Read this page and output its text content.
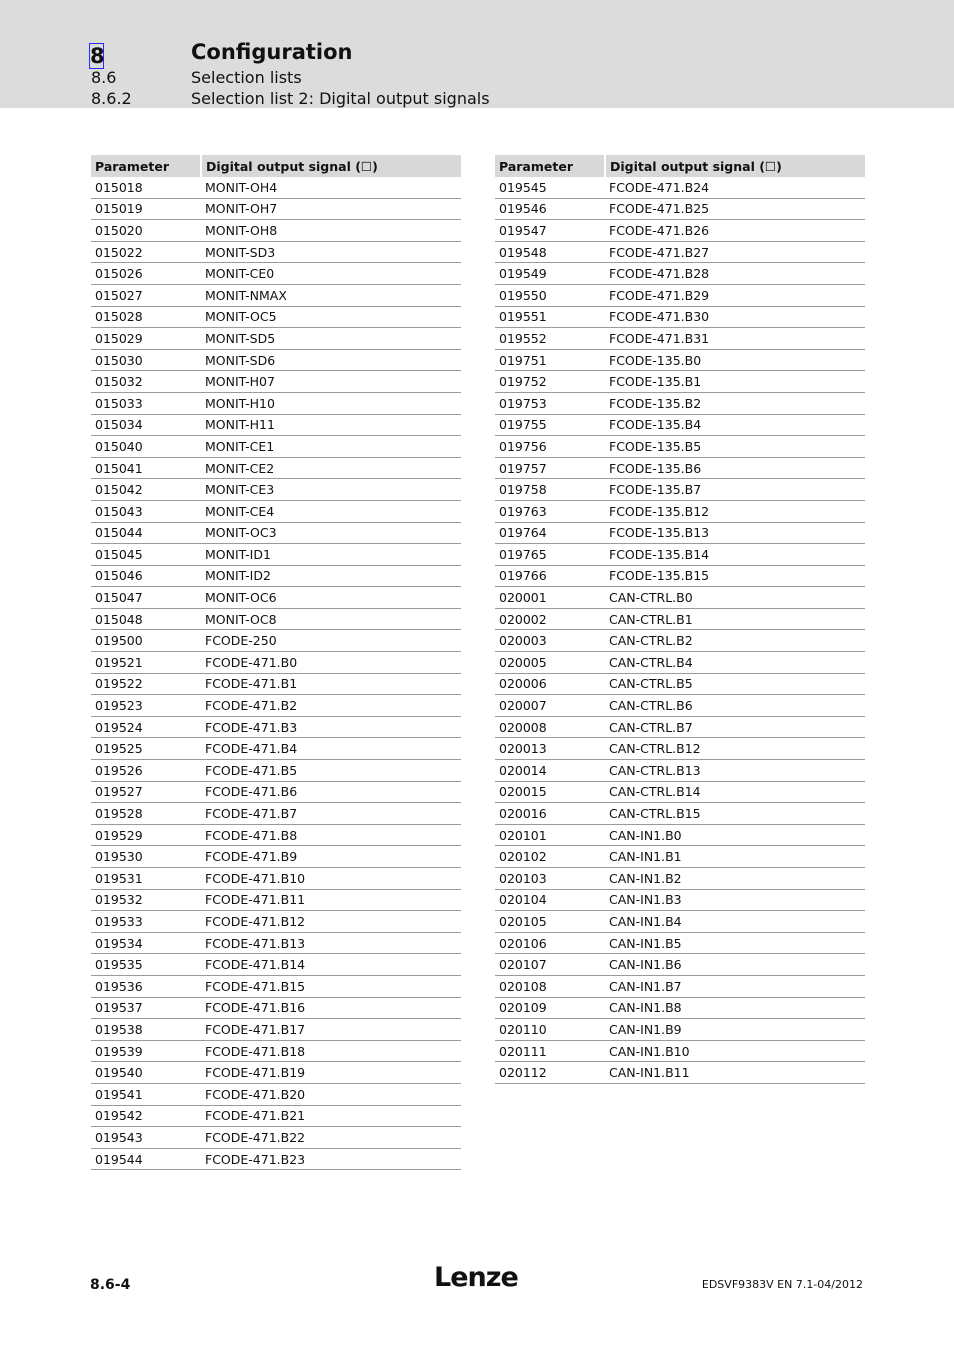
8	Configuration
8.6	Selection lists
8.6.2	Selection list 2: Digital output signals
Parameter	Digital output signal (☐)
015018	MONIT-OH4
015019	MONIT-OH7
015020	MONIT-OH8
015022	MONIT-SD3
015026	MONIT-CE0
015027	MONIT-NMAX
015028	MONIT-OC5
015029	MONIT-SD5
015030	MONIT-SD6
015032	MONIT-H07
015033	MONIT-H10
015034	MONIT-H11
015040	MONIT-CE1
015041	MONIT-CE2
015042	MONIT-CE3
015043	MONIT-CE4
015044	MONIT-OC3
015045	MONIT-ID1
015046	MONIT-ID2
015047	MONIT-OC6
015048	MONIT-OC8
019500	FCODE-250
019521	FCODE-471.B0
019522	FCODE-471.B1
019523	FCODE-471.B2
019524	FCODE-471.B3
019525	FCODE-471.B4
019526	FCODE-471.B5
019527	FCODE-471.B6
019528	FCODE-471.B7
019529	FCODE-471.B8
019530	FCODE-471.B9
019531	FCODE-471.B10
019532	FCODE-471.B11
019533	FCODE-471.B12
019534	FCODE-471.B13
019535	FCODE-471.B14
019536	FCODE-471.B15
019537	FCODE-471.B16
019538	FCODE-471.B17
019539	FCODE-471.B18
019540	FCODE-471.B19
019541	FCODE-471.B20
019542	FCODE-471.B21
019543	FCODE-471.B22
019544	FCODE-471.B23
Parameter	Digital output signal (☐)
019545	FCODE-471.B24
019546	FCODE-471.B25
019547	FCODE-471.B26
019548	FCODE-471.B27
019549	FCODE-471.B28
019550	FCODE-471.B29
019551	FCODE-471.B30
019552	FCODE-471.B31
019751	FCODE-135.B0
019752	FCODE-135.B1
019753	FCODE-135.B2
019755	FCODE-135.B4
019756	FCODE-135.B5
019757	FCODE-135.B6
019758	FCODE-135.B7
019763	FCODE-135.B12
019764	FCODE-135.B13
019765	FCODE-135.B14
019766	FCODE-135.B15
020001	CAN-CTRL.B0
020002	CAN-CTRL.B1
020003	CAN-CTRL.B2
020005	CAN-CTRL.B4
020006	CAN-CTRL.B5
020007	CAN-CTRL.B6
020008	CAN-CTRL.B7
020013	CAN-CTRL.B12
020014	CAN-CTRL.B13
020015	CAN-CTRL.B14
020016	CAN-CTRL.B15
020101	CAN-IN1.B0
020102	CAN-IN1.B1
020103	CAN-IN1.B2
020104	CAN-IN1.B3
020105	CAN-IN1.B4
020106	CAN-IN1.B5
020107	CAN-IN1.B6
020108	CAN-IN1.B7
020109	CAN-IN1.B8
020110	CAN-IN1.B9
020111	CAN-IN1.B10
020112	CAN-IN1.B11
8.6-4	Lenze	EDSVF9383V EN 7.1-04/2012
